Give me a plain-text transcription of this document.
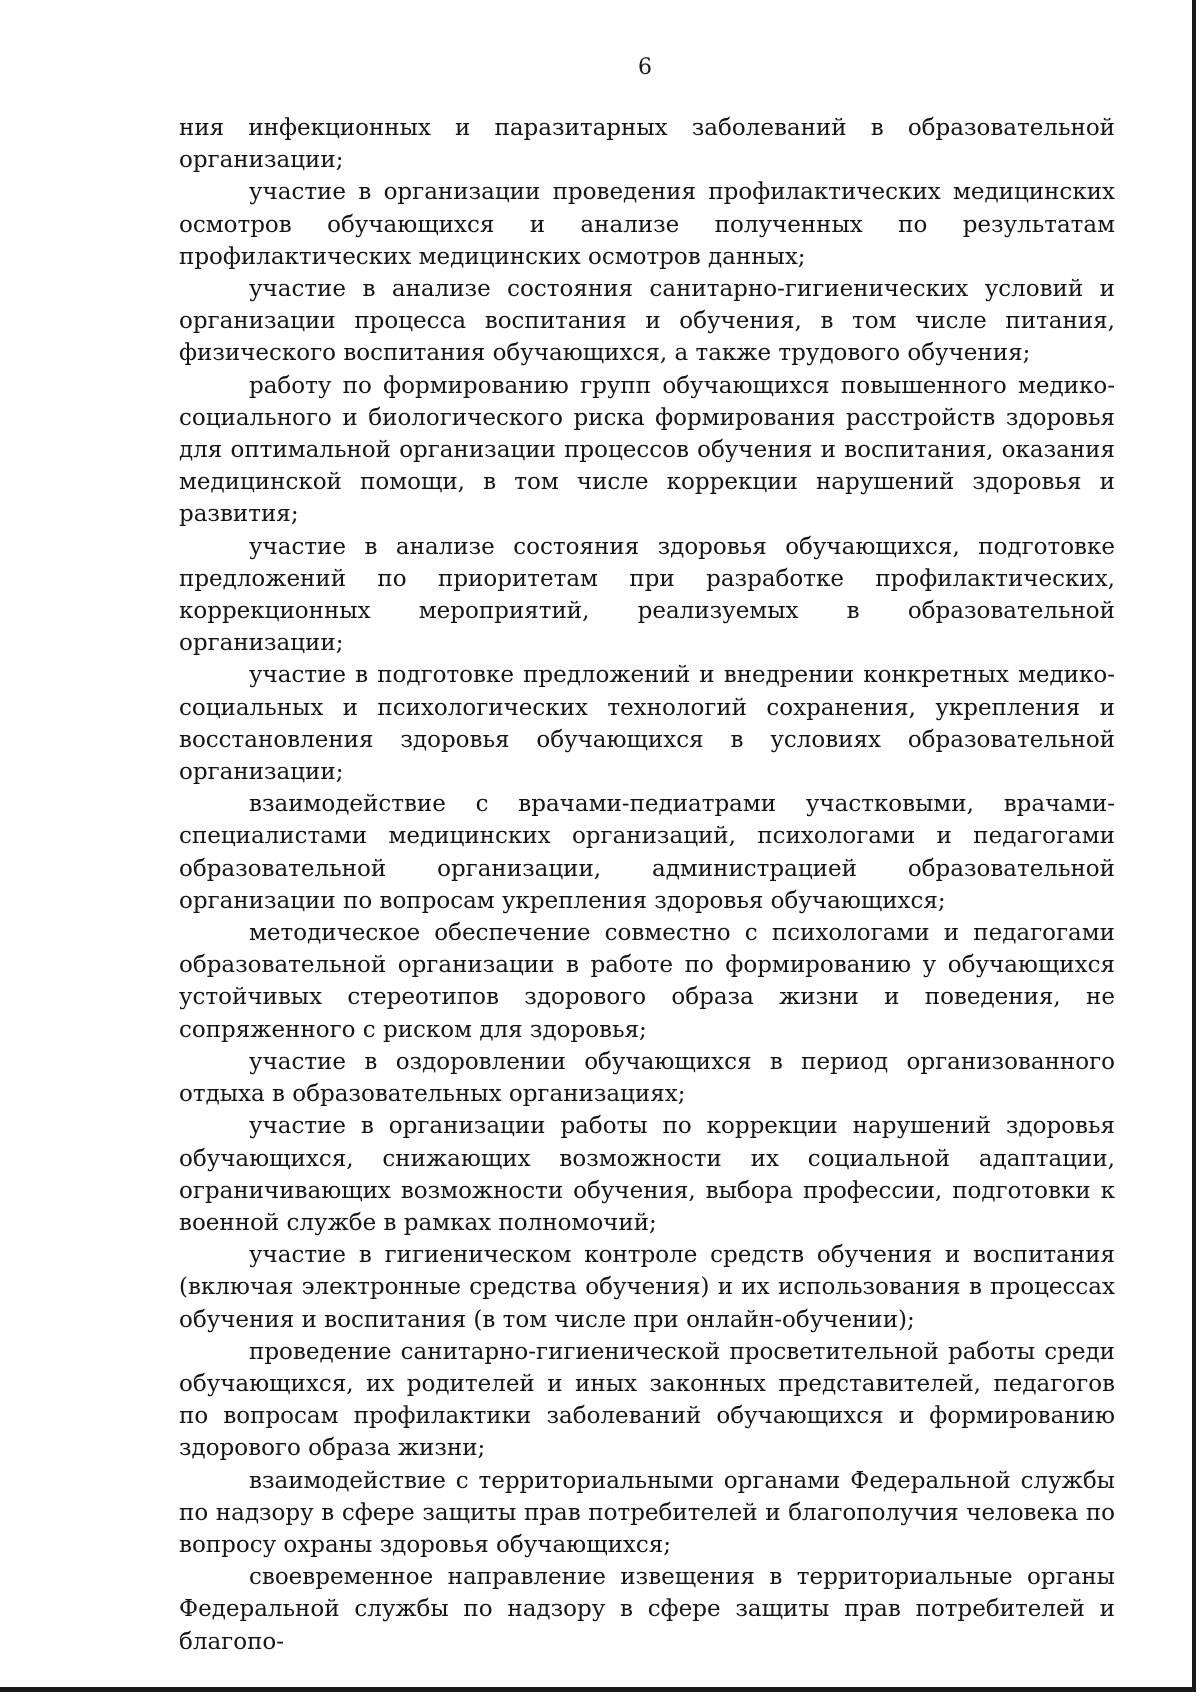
6

ния инфекционных и паразитарных заболеваний в образовательной организации;

участие в организации проведения профилактических медицинских осмотров обучающихся и анализе полученных по результатам профилактических медицинских осмотров данных;

участие в анализе состояния санитарно-гигиенических условий и организации процесса воспитания и обучения, в том числе питания, физического воспитания обучающихся, а также трудового обучения;

работу по формированию групп обучающихся повышенного медико-социального и биологического риска формирования расстройств здоровья для оптимальной организации процессов обучения и воспитания, оказания медицинской помощи, в том числе коррекции нарушений здоровья и развития;

участие в анализе состояния здоровья обучающихся, подготовке предложений по приоритетам при разработке профилактических, коррекционных мероприятий, реализуемых в образовательной организации;

участие в подготовке предложений и внедрении конкретных медико-социальных и психологических технологий сохранения, укрепления и восстановления здоровья обучающихся в условиях образовательной организации;

взаимодействие с врачами-педиатрами участковыми, врачами-специалистами медицинских организаций, психологами и педагогами образовательной организации, администрацией образовательной организации по вопросам укрепления здоровья обучающихся;

методическое обеспечение совместно с психологами и педагогами образовательной организации в работе по формированию у обучающихся устойчивых стереотипов здорового образа жизни и поведения, не сопряженного с риском для здоровья;

участие в оздоровлении обучающихся в период организованного отдыха в образовательных организациях;

участие в организации работы по коррекции нарушений здоровья обучающихся, снижающих возможности их социальной адаптации, ограничивающих возможности обучения, выбора профессии, подготовки к военной службе в рамках полномочий;

участие в гигиеническом контроле средств обучения и воспитания (включая электронные средства обучения) и их использования в процессах обучения и воспитания (в том числе при онлайн-обучении);

проведение санитарно-гигиенической просветительной работы среди обучающихся, их родителей и иных законных представителей, педагогов по вопросам профилактики заболеваний обучающихся и формированию здорового образа жизни;

взаимодействие с территориальными органами Федеральной службы по надзору в сфере защиты прав потребителей и благополучия человека по вопросу охраны здоровья обучающихся;

своевременное направление извещения в территориальные органы Федеральной службы по надзору в сфере защиты прав потребителей и благопо-
